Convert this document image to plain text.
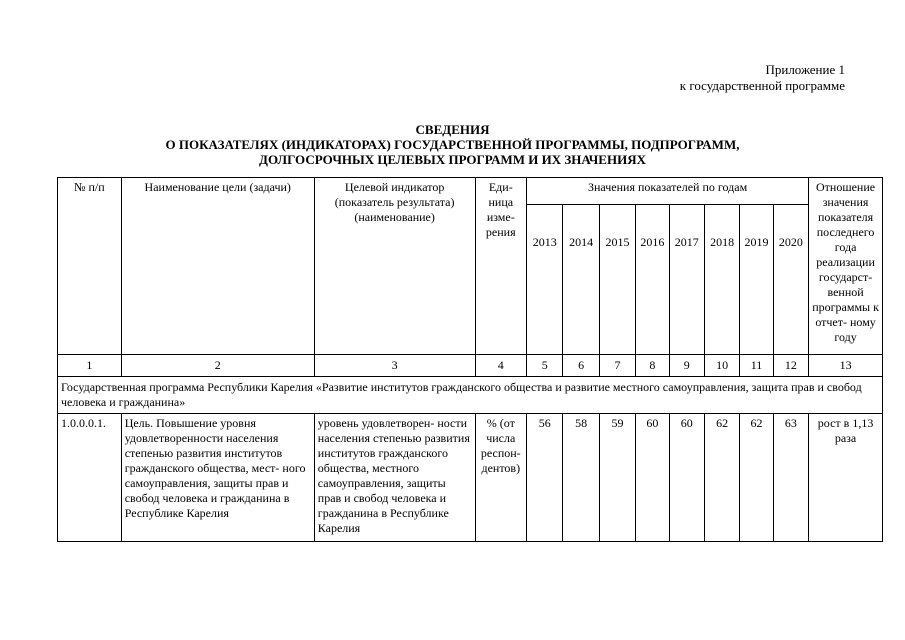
Приложение 1
к государственной программе
СВЕДЕНИЯ
О ПОКАЗАТЕЛЯХ (ИНДИКАТОРАХ) ГОСУДАРСТВЕННОЙ ПРОГРАММЫ, ПОДПРОГРАММ,
ДОЛГОСРОЧНЫХ ЦЕЛЕВЫХ ПРОГРАММ И ИХ ЗНАЧЕНИЯХ
№ п/п	Наименование цели (задачи)	Целевой индикатор (показатель результата) (наименование)	Еди- ница изме- рения	Значения показателей по годам								Отношение значения показателя последнего года реализации государст- венной программы к отчет- ному году
				2013	2014	2015	2016	2017	2018	2019	2020	
1	2	3	4	5	6	7	8	9	10	11	12	13
Государственная программа Республики Карелия «Развитие институтов гражданского общества и развитие местного самоуправления, защита прав и свобод человека и гражданина»												
1.0.0.0.1.	Цель. Повышение уровня удовлетворенности населения степенью развития институтов гражданского общества, мест- ного самоуправления, защиты прав и свобод человека и гражданина в Республике Карелия	уровень удовлетворен- ности населения степенью развития институтов гражданского общества, местного самоуправления, защиты прав и свобод человека и гражданина в Республике Карелия	% (от числа респон- дентов)	56	58	59	60	60	62	62	63	рост в 1,13 раза
